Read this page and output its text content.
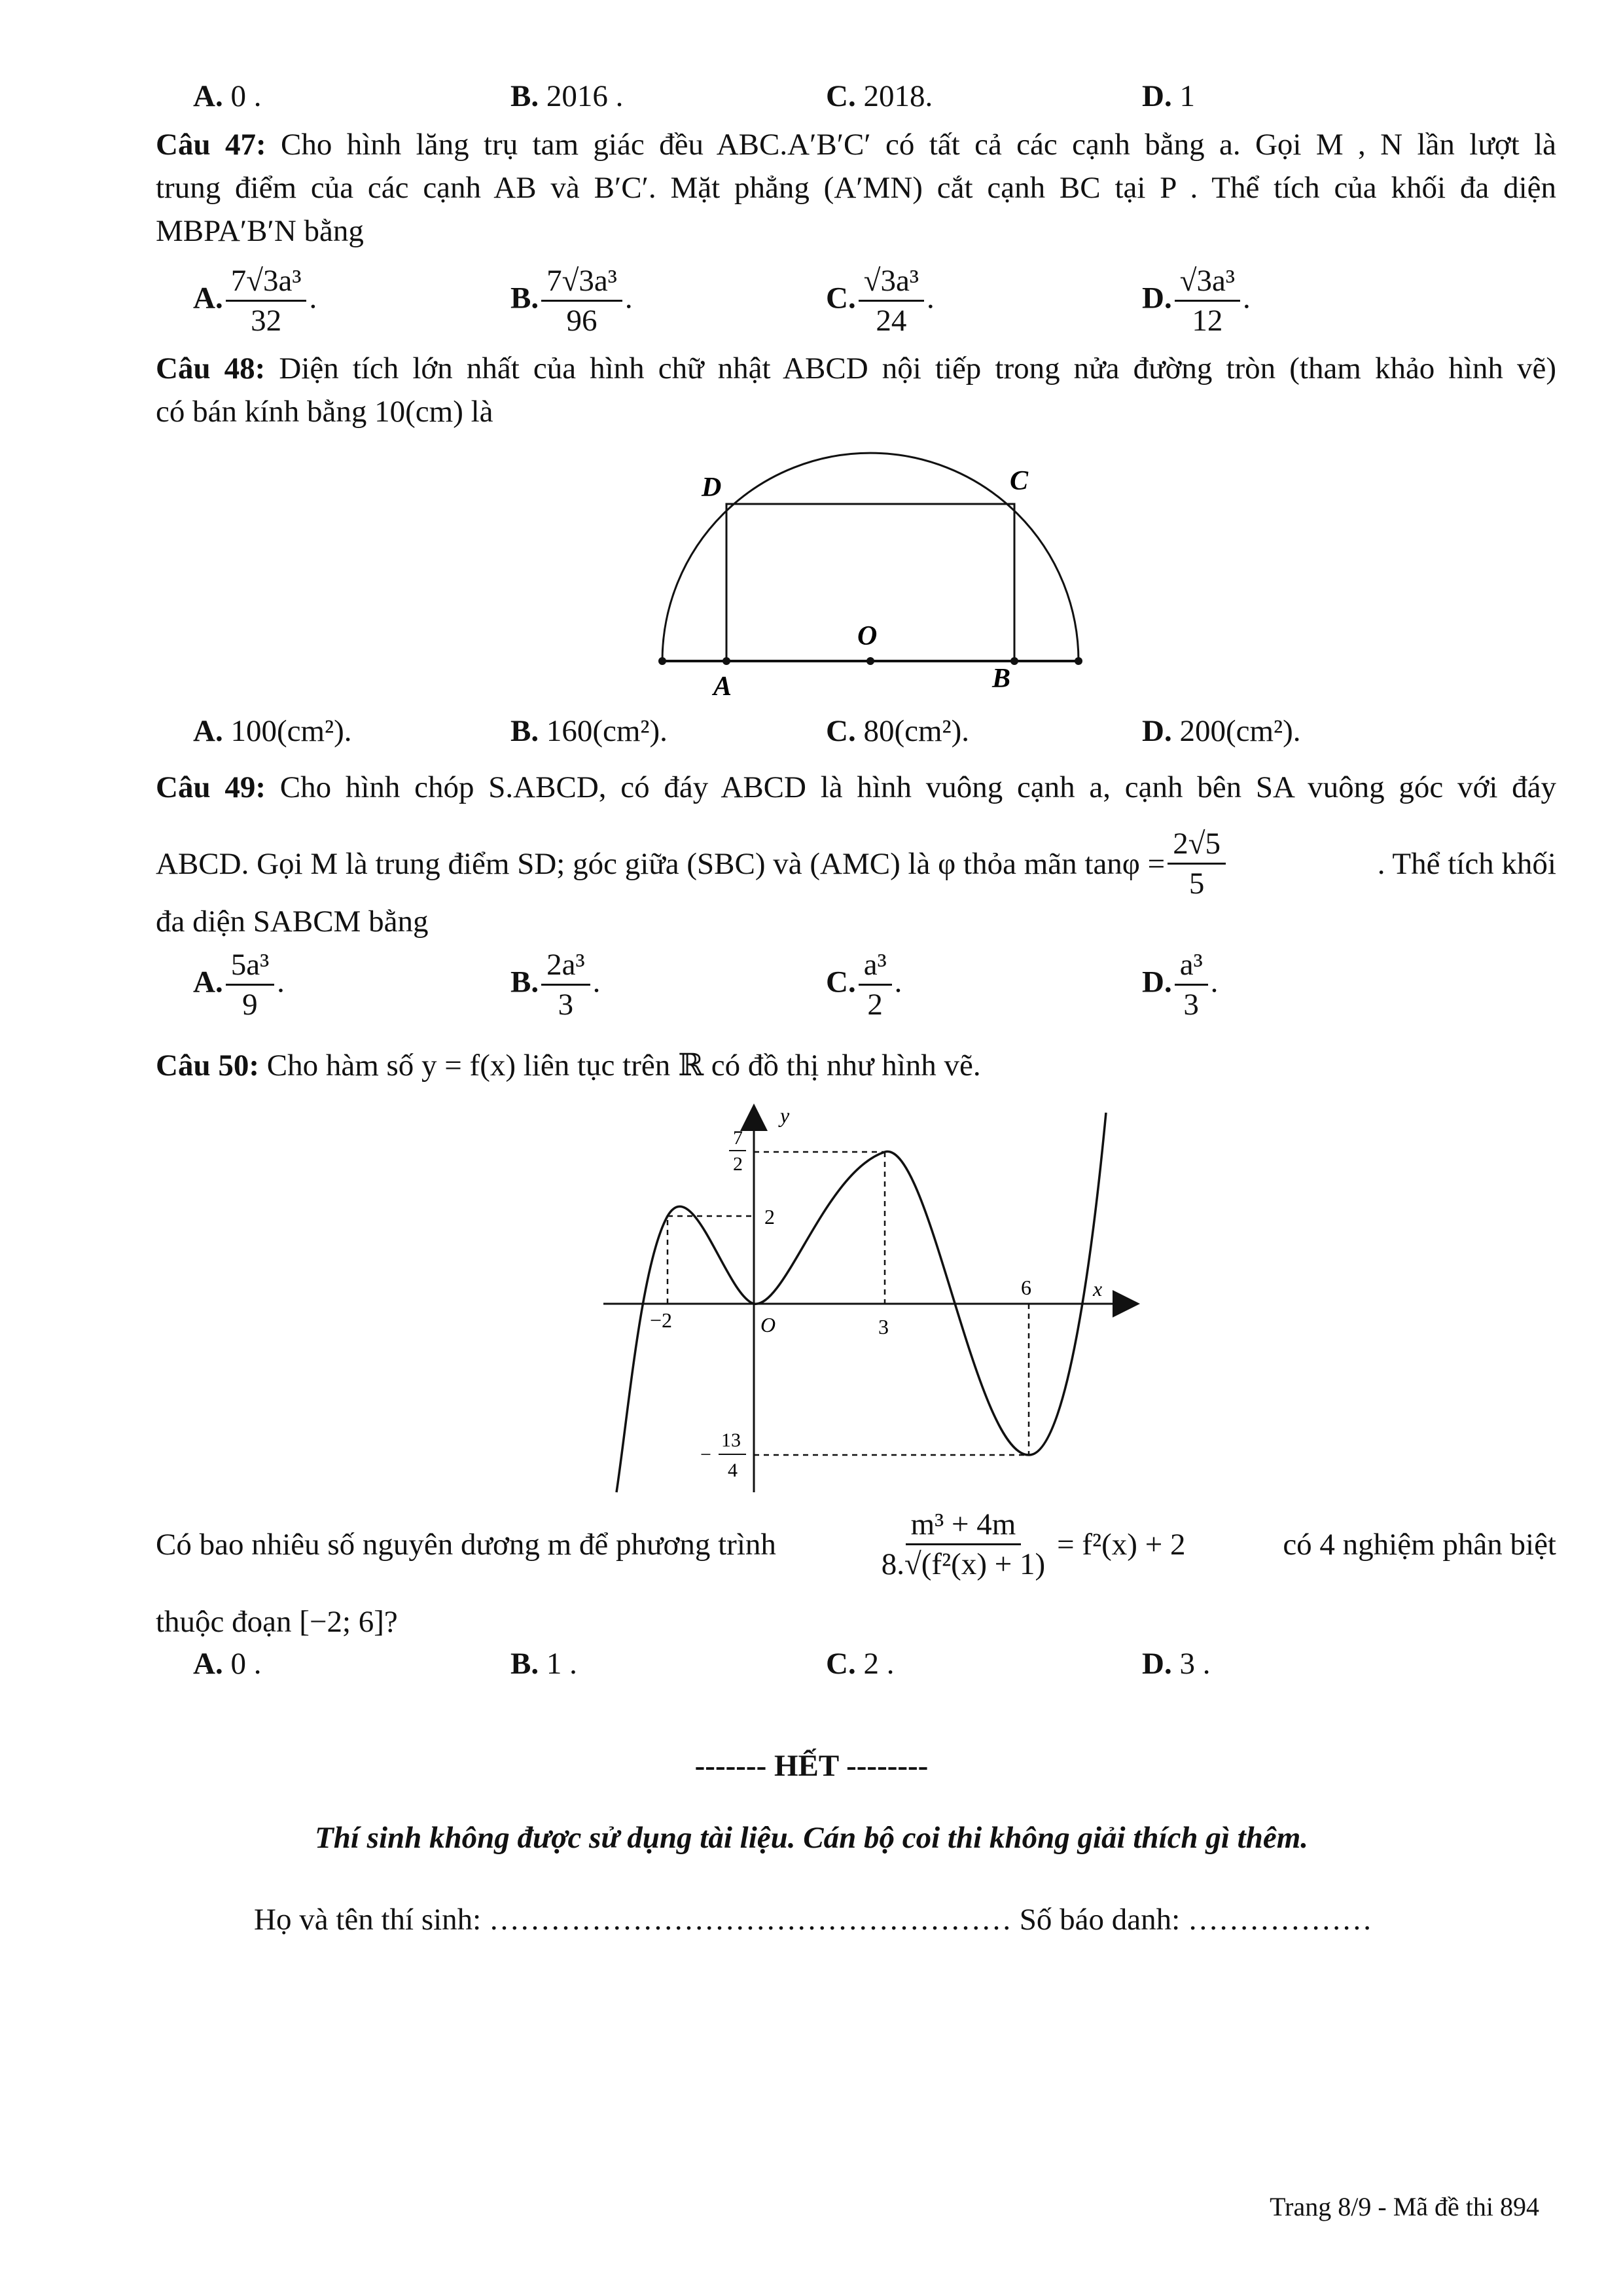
A. 0 .	B. 2016 .	C. 2018.	D. 1
Câu 47: Cho hình lăng trụ tam giác đều ABC.A′B′C′ có tất cả các cạnh bằng a. Gọi M , N lần lượt là
trung điểm của các cạnh AB và B′C′. Mặt phẳng (A′MN) cắt cạnh BC tại P . Thể tích của khối đa diện
MBPA′B′N bằng
A. $\frac{\text{7√3a³}}{32}$ .	B. $\frac{\text{7√3a³}}{96}$ .	C. $\frac{\text{√3a³}}{24}$ .	D. $\frac{\text{√3a³}}{12}$ .
Câu 48: Diện tích lớn nhất của hình chữ nhật ABCD nội tiếp trong nửa đường tròn (tham khảo hình vẽ)
có bán kính bằng 10(cm) là
D	C
O
A	B
A. 100(cm²).	B. 160(cm²).	C. 80(cm²).	D. 200(cm²).
Câu 49: Cho hình chóp S.ABCD, có đáy ABCD là hình vuông cạnh a, cạnh bên SA vuông góc với đáy
ABCD. Gọi M là trung điểm SD; góc giữa (SBC) và (AMC) là φ thỏa mãn $\tan\varphi = \frac{2√5}{5}$	. Thể tích khối
đa diện SABCM bằng
A. $\frac{\text{5a³}}{9}$ .	B. $\frac{\text{2a³}}{3}$ .	C. $\frac{\text{a³}}{2}$ .	D. $\frac{\text{a³}}{3}$ .
Câu 50: Cho hàm số y = f(x) liên tục trên ℝ có đồ thị như hình vẽ.
y
x
O
−2	3
6
2
7
2
−
13
4
Có bao nhiêu số nguyên dương m để phương trình	$\frac{\text{m³ + 4m}}{\text{8.√(f²(x) + 1)}} = f^2(x) + 2$	có 4 nghiệm phân biệt
thuộc đoạn [−2; 6]?
A. 0 .	B. 1 .	C. 2 .	D. 3 .
------- HẾT --------
Thí sinh không được sử dụng tài liệu. Cán bộ coi thi không giải thích gì thêm.
Họ và tên thí sinh: …………………………………………… Số báo danh: ………………
Trang 8/9 - Mã đề thi 894
